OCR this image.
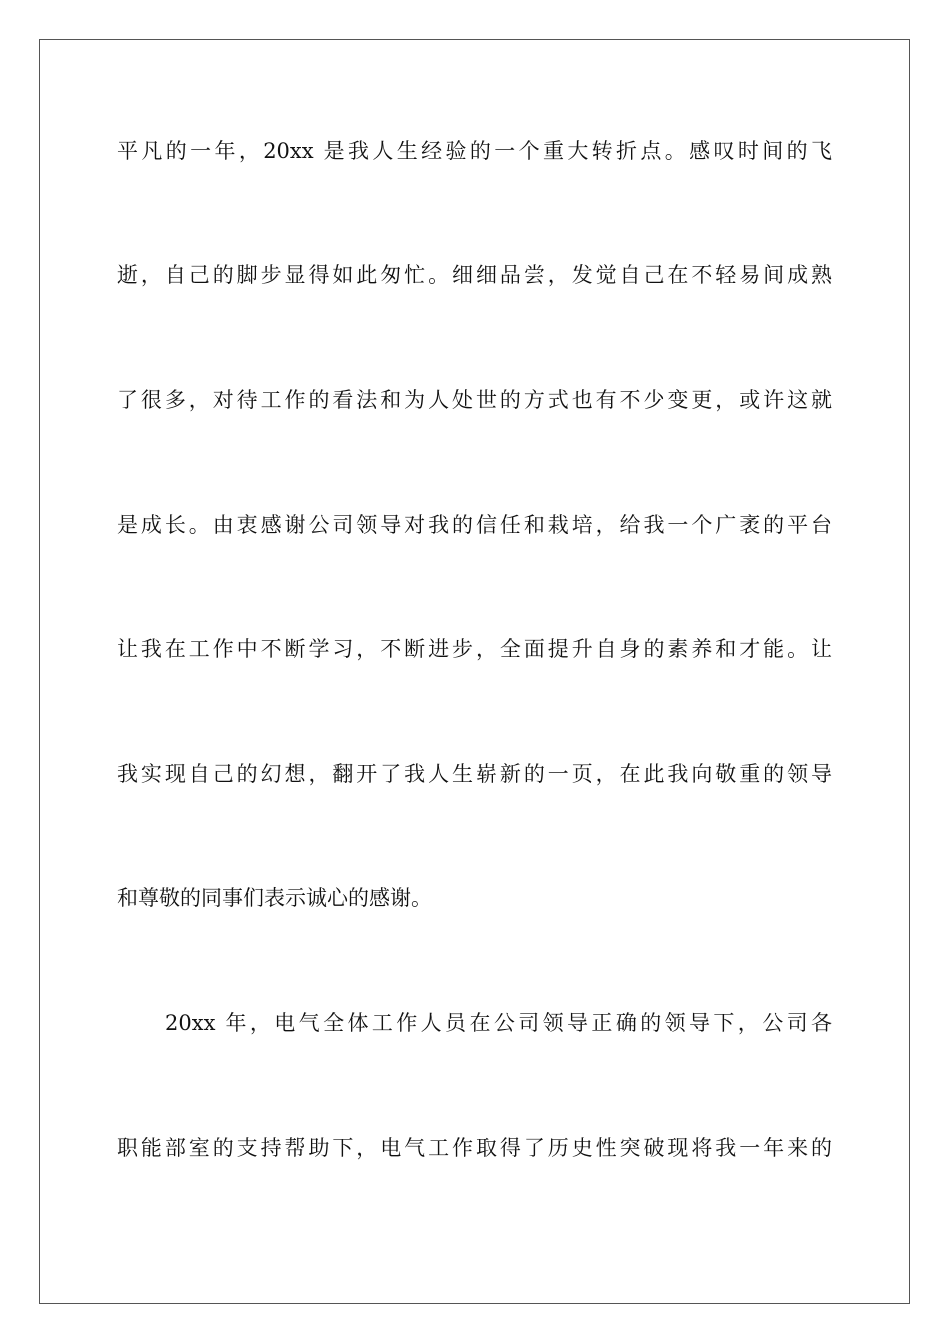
平凡的一年，20xx 是我人生经验的一个重大转折点。感叹时间的飞
逝，自己的脚步显得如此匆忙。细细品尝，发觉自己在不轻易间成熟
了很多，对待工作的看法和为人处世的方式也有不少变更，或许这就
是成长。由衷感谢公司领导对我的信任和栽培，给我一个广袤的平台
让我在工作中不断学习，不断进步，全面提升自身的素养和才能。让
我实现自己的幻想，翻开了我人生崭新的一页，在此我向敬重的领导
和尊敬的同事们表示诚心的感谢。
20xx 年，电气全体工作人员在公司领导正确的领导下，公司各
职能部室的支持帮助下，电气工作取得了历史性突破现将我一年来的
